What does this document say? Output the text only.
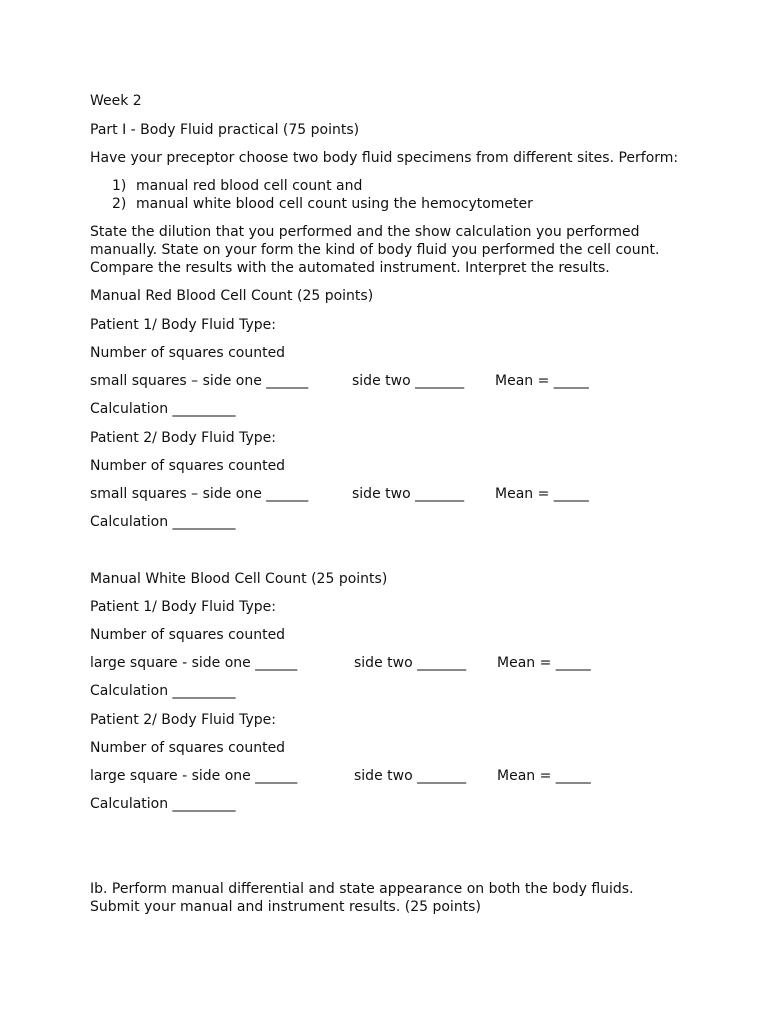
Week 2
Part I - Body Fluid practical (75 points)
Have your preceptor choose two body fluid specimens from different sites. Perform:
1) manual red blood cell count and
2) manual white blood cell count using the hemocytometer
State the dilution that you performed and the show calculation you performed
manually. State on your form the kind of body fluid you performed the cell count.
Compare the results with the automated instrument. Interpret the results.
Manual Red Blood Cell Count (25 points)
Patient 1/ Body Fluid Type:
Number of squares counted
small squares – side one ______	side two _______ Mean = _____
Calculation _________
Patient 2/ Body Fluid Type:
Number of squares counted
small squares – side one ______	side two _______ Mean = _____
Calculation _________
Manual White Blood Cell Count (25 points)
Patient 1/ Body Fluid Type:
Number of squares counted
large square - side one ______	side two _______ Mean = _____
Calculation _________
Patient 2/ Body Fluid Type:
Number of squares counted
large square - side one ______	side two _______ Mean = _____
Calculation _________
Ib. Perform manual differential and state appearance on both the body fluids.
Submit your manual and instrument results. (25 points)
